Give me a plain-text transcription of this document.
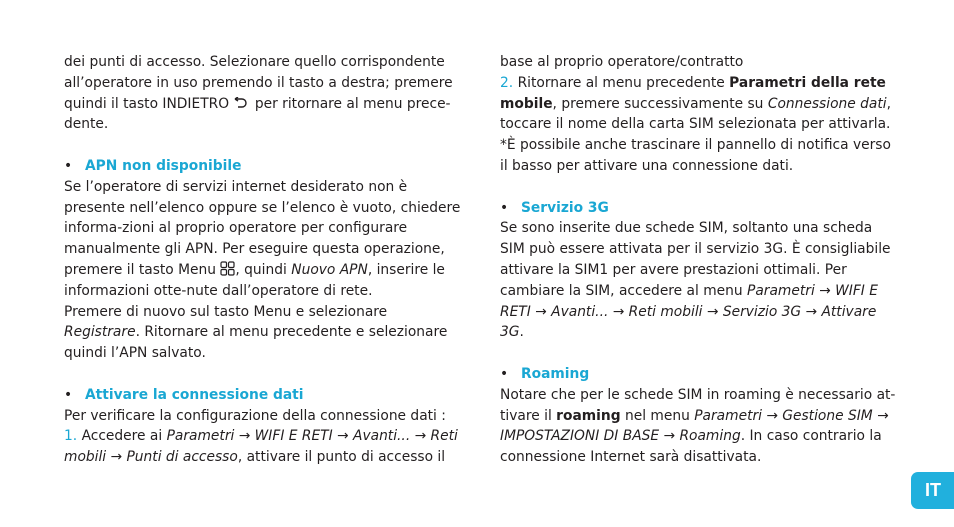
dei punti di accesso. Selezionare quello corrispondente all’operatore in uso premendo il tasto a destra; premere quindi il tasto INDIETRO per ritornare al menu prece-dente.

• APN non disponibile

Se l’operatore di servizi internet desiderato non è presente nell’elenco oppure se l’elenco è vuoto, chiedere informa-zioni al proprio operatore per configurare manualmente gli APN. Per eseguire questa operazione, premere il tasto Menu , quindi Nuovo APN, inserire le informazioni otte-nute dall’operatore di rete.

Premere di nuovo sul tasto Menu e selezionare Registrare. Ritornare al menu precedente e selezionare quindi l’APN salvato.

• Attivare la connessione dati

Per verificare la configurazione della connessione dati :

1. Accedere ai Parametri → WIFI E RETI → Avanti... → Reti mobili → Punti di accesso, attivare il punto di accesso il

base al proprio operatore/contratto

2. Ritornare al menu precedente Parametri della rete mobile, premere successivamente su Connessione dati, toccare il nome della carta SIM selezionata per attivarla.

*È possibile anche trascinare il pannello di notifica verso il basso per attivare una connessione dati.

• Servizio 3G

Se sono inserite due schede SIM, soltanto una scheda SIM può essere attivata per il servizio 3G. È consigliabile attivare la SIM1 per avere prestazioni ottimali. Per cambiare la SIM, accedere al menu Parametri → WIFI E RETI → Avanti... → Reti mobili → Servizio 3G → Attivare 3G.

• Roaming

Notare che per le schede SIM in roaming è necessario at-tivare il roaming nel menu Parametri → Gestione SIM → IMPOSTAZIONI DI BASE → Roaming. In caso contrario la connessione Internet sarà disattivata.

IT
